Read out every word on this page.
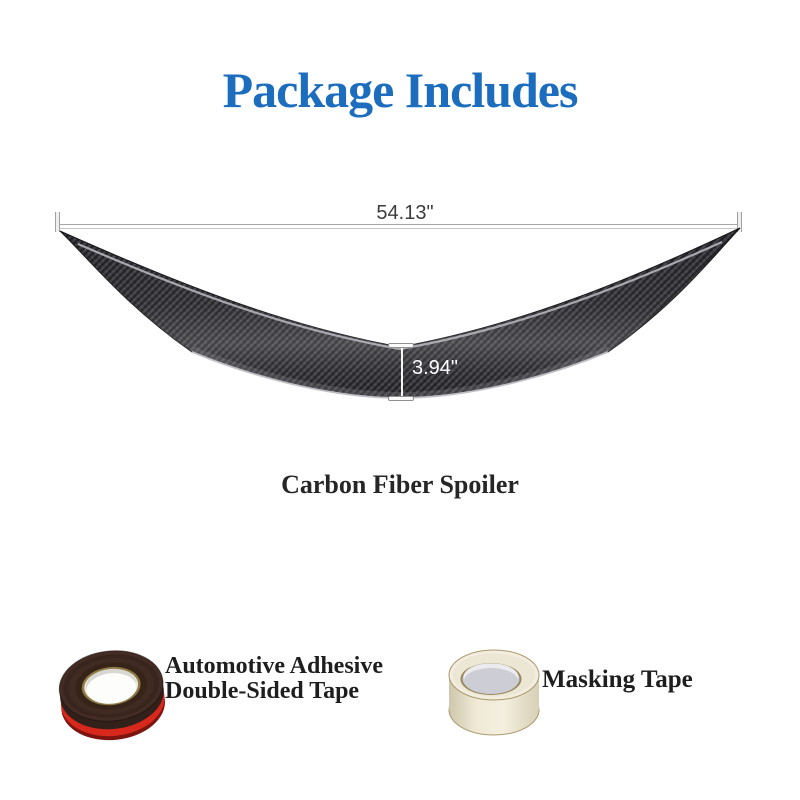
Package Includes
54.13"
3.94"
Carbon Fiber Spoiler
Automotive Adhesive
Double-Sided Tape	Masking Tape
